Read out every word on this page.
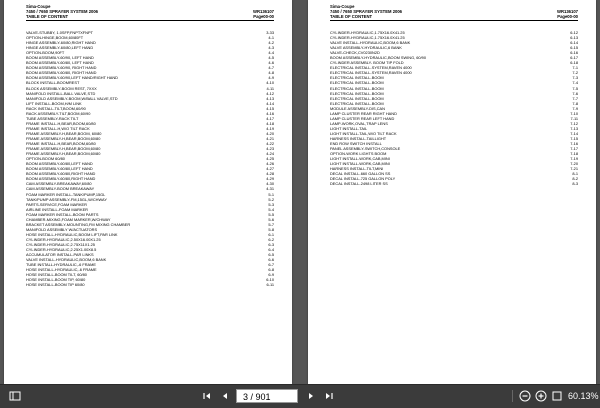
Sima-Coupe
7450 / 7650 SPRAYER SYSTEM 2006	WR136107
TABLE OF CONTENT	Page00-00
VALVE-STUBBY, 1.0SFP,FNPTXFNPT	3-33
OPTION-HINGE,BOOM,60/80FT	4-1
HINGE ASSEMBLY-60/80,RIGHT HAND	4-2
HINGE ASSEMBLY-60/80,LEFT HAND	4-3
OPTION-BOOM,90FT	4-4
BOOM ASSEMBLY-60/90, LEFT HAND	4-5
BOOM ASSEMBLY-60/80, LEFT HAND	4-6
BOOM ASSEMBLY-60/90, RIGHT HAND	4-7
BOOM ASSEMBLY-60/80, RIGHT HAND	4-8
BOOM ASSEMBLY-60/90,LEFT HAND/RIGHT HAND	4-9
BLOCK INSTALL-BOOMREST	4-10
BLOCK ASSEMBLY-BOOM REST, 7XXX	4-11
MANIFOLD INSTALL-BALL VALVE,STD	4-12
MANIFOLD ASSEMBLY-BOOM,W/BALL VALVE,STD	4-13
LIFT INSTALL-BOOM,H/M LINK	4-14
RACK INSTALL-TILT,BOOM,60/90	4-15
RACK ASSEMBLY-TILT,BOOM,60/90	4-16
TUBE ASSEMBLY-RACK TILT	4-17
FRAME INSTALL-H,BEAR,BOOM,60/80	4-18
FRAME INSTALL-H,W/O TILT RACK	4-19
FRAME ASSEMBLY-H,BEAR,BOOM, 60/80	4-20
FRAME ASSEMBLY-H,BEAR,BOOM,60/80	4-21
FRAME INSTALL-H,BEAR,BOOM,60/80	4-22
FRAME ASSEMBLY-H,BEAR,BOOM,60/80	4-23
FRAME ASSEMBLY-H,BEAR,BOOM,60/80	4-24
OPTION-BOOM 60/80	4-25
BOOM ASSEMBLY-60/80,LEFT HAND	4-26
BOOM ASSEMBLY-60/80,LEFT HAND	4-27
BOOM ASSEMBLY-60/80,RIGHT HAND	4-28
BOOM ASSEMBLY-60/80,RIGHT HAND	4-29
CAM ASSEMBLY-BREAKAWAY,60/80	4-30
CAM ASSEMBLY-BOOM BREAKAWAY	4-31
FOAM MARKER INSTALL-TANK/PUMP,15GL	5-1
TANK/PUMP ASSEMBLY-FM,15GL,W/CHWAY	5-2
PARTS-SERVICE,FOAM MARKER	5-3
AIRLINE INSTALL-FOAM MARKER	5-4
FOAM MARKER INSTALL-BOOM PARTS	5-5
CHAMBER-MIXING,FOAM MARKER,W/CHWAY	5-6
BRACKET ASSEMBLY-MOUNTING,FM MIXING CHAMBER	5-7
MANIFOLD ASSEMBLY W/ACTUATORS	5-8
HOSE INSTALL-HYDRAULIC,BOOM LIFT,PAR LINK	6-1
CYLINDER-HYDRAULIC,2.50X16.00X1.25	6-2
CYLINDER-HYDRAULIC,2.75X11X1.25	6-3
CYLINDER-HYDRAULIC,2.25X1.00X8.5	6-4
ACCUMULATOR INSTALL-PAR LINKS	6-5
VALVE INSTALL-HYDRAULIC,BOOM,6 BANK	6-6
TUBE INSTALL-HYDRAULIC,-6 FRAME	6-7
HOSE INSTALL-HYDRAULIC,-6 FRAME	6-8
HOSE INSTALL-BOOM TILT, 60/80	6-9
HOSE INSTALL-BOOM TIP, 60/80	6-10
HOSE INSTALL-BOOM TIP 60/80	6-11
Sima-Coupe
7450 / 7650 SPRAYER SYSTEM 2006	WR136107
TABLE OF CONTENT	Page00-00
CYLINDER-HYDRAULIC,1.75X16.0X41.25	6-12
CYLINDER-HYDRAULIC,1.75X16.0X41.25	6-13
VALVE INSTALL-HYDRAULIC,BOOM,6 BANK	6-14
VALVE ASSEMBLY-HYDRAULIC,6 BANK	6-15
VALVE-CHECK,CV0230N2D	6-16
BOOM ASSEMBLY-HYDRAULIC,BOOM SWING, 60/90	6-17
CYLINDER ASSEMBLY- BOOM TIP FOLD	6-18
ELECTRICAL INSTALL-SYSTEM,RAVEN 4000	7-1
ELECTRICAL INSTALL-SYSTEM,RAVEN 4000	7-2
ELECTRICAL INSTALL-BOOM	7-3
ELECTRICAL INSTALL-BOOM	7-4
ELECTRICAL INSTALL-BOOM	7-5
ELECTRICAL INSTALL-BOOM	7-6
ELECTRICAL INSTALL-BOOM	7-7
ELECTRICAL INSTALL-BOOM	7-8
MODULE ASSEMBLY-DIS,CAN	7-9
LAMP CLUSTER REAR RIGHT HAND	7-10
LAMP CLUSTER REAR LEFT HAND	7-11
LAMP-WORK,OVAL,TRAP LENS	7-12
LIGHT INSTALL-TAIL	7-13
LIGHT INSTALL-TAIL,W/O TILT RACK	7-14
HARNESS INSTALL-TAILLIGHT	7-15
END ROW SWITCH INSTALL	7-16
PANEL ASSEMBLY-SWITCH,CONSOLE	7-17
OPTION-WORK LIGHTS BOOM	7-18
LIGHT INSTALL-WORK,CAB,MINI	7-19
LIGHT INSTALL-WORK,CAB,MINI	7-20
HARNESS INSTALL-TILT,MINI	7-21
DECAL INSTALL-660 GALLON SS	8-1
DECAL INSTALL-725 GALLON POLY	8-2
DECAL INSTALL-2498 LITER SS	8-3
3 / 901	60.13%
